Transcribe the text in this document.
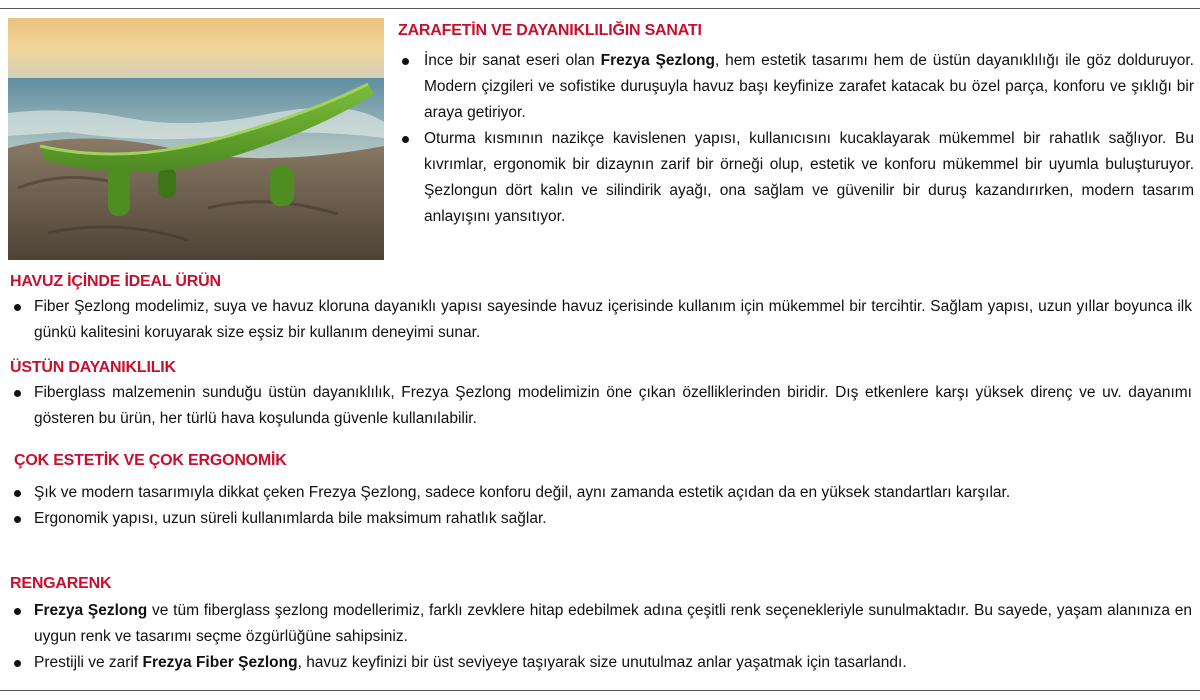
ZARAFETİN VE DAYANIKLILIĞIN SANATI
İnce bir sanat eseri olan Frezya Şezlong, hem estetik tasarımı hem de üstün dayanıklılığı ile göz dolduruyor. Modern çizgileri ve sofistike duruşuyla havuz başı keyfinize zarafet katacak bu özel parça, konforu ve şıklığı bir araya getiriyor.
Oturma kısmının nazikçe kavislenen yapısı, kullanıcısını kucaklayarak mükemmel bir rahatlık sağlıyor. Bu kıvrımlar, ergonomik bir dizaynın zarif bir örneği olup, estetik ve konforu mükemmel bir uyumla buluşturuyor. Şezlongun dört kalın ve silindirik ayağı, ona sağlam ve güvenilir bir duruş kazandırırken, modern tasarım anlayışını yansıtıyor.
HAVUZ İÇİNDE İDEAL ÜRÜN
Fiber Şezlong modelimiz, suya ve havuz kloruna dayanıklı yapısı sayesinde havuz içerisinde kullanım için mükemmel bir tercihtir. Sağlam yapısı, uzun yıllar boyunca ilk günkü kalitesini koruyarak size eşsiz bir kullanım deneyimi sunar.
ÜSTÜN DAYANIKLILIK
Fiberglass malzemenin sunduğu üstün dayanıklılık, Frezya Şezlong modelimizin öne çıkan özelliklerinden biridir. Dış etkenlere karşı yüksek direnç ve uv. dayanımı gösteren bu ürün, her türlü hava koşulunda güvenle kullanılabilir.
ÇOK ESTETİK VE ÇOK ERGONOMİK
Şık ve modern tasarımıyla dikkat çeken Frezya Şezlong, sadece konforu değil, aynı zamanda estetik açıdan da en yüksek standartları karşılar.
Ergonomik yapısı, uzun süreli kullanımlarda bile maksimum rahatlık sağlar.
RENGARENK
Frezya Şezlong ve tüm fiberglass şezlong modellerimiz, farklı zevklere hitap edebilmek adına çeşitli renk seçenekleriyle sunulmaktadır. Bu sayede, yaşam alanınıza en uygun renk ve tasarımı seçme özgürlüğüne sahipsiniz.
Prestijli ve zarif Frezya Fiber Şezlong, havuz keyfinizi bir üst seviyeye taşıyarak size unutulmaz anlar yaşatmak için tasarlandı.
